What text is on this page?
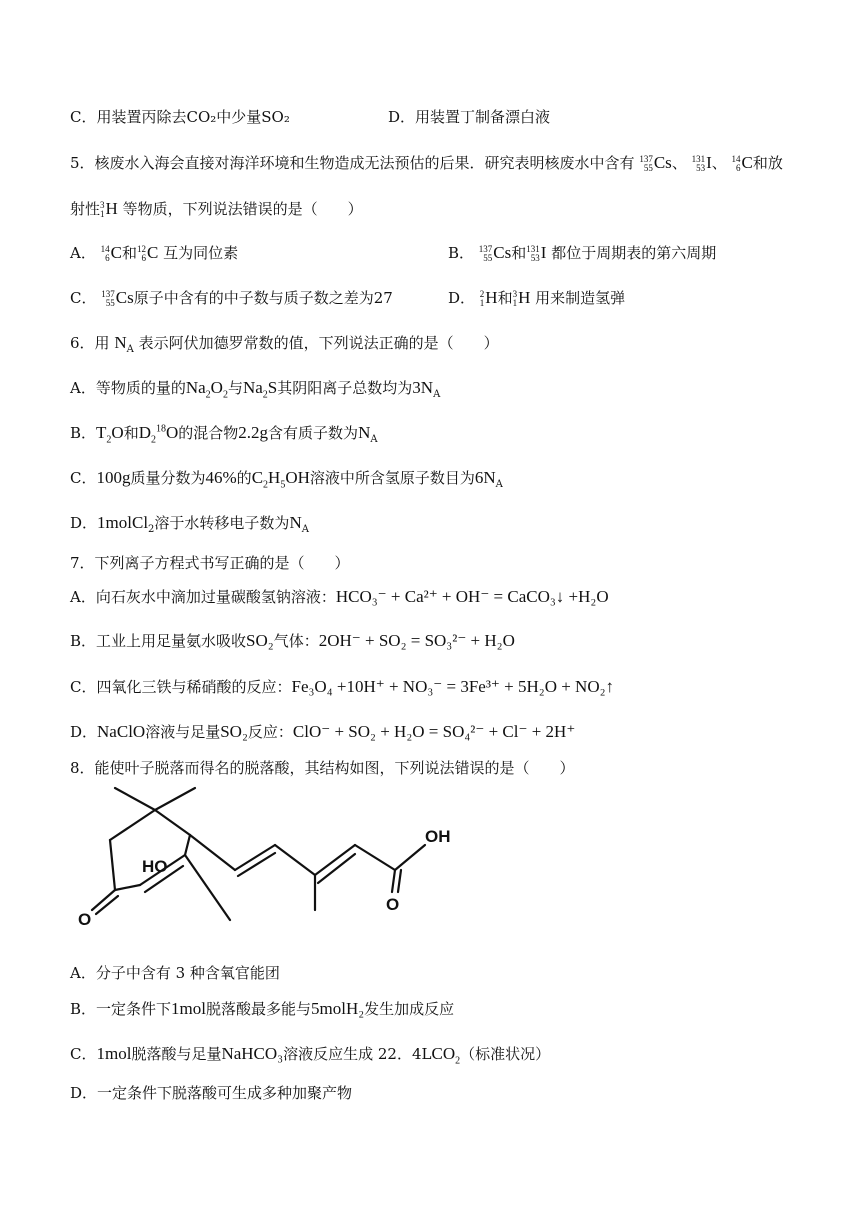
C．用装置丙除去CO₂中少量SO₂	D．用装置丁制备漂白液
5．核废水入海会直接对海洋环境和生物造成无法预估的后果．研究表明核废水中含有 137
55 Cs、 131
53 I、 14
6 C和放
射性 3
1 H 等物质，下列说法错误的是（　　）
A． 14
6 C和 12
6 C 互为同位素	B． 137
55 Cs和 131
53 I 都位于周期表的第六周期
C． 137
55 Cs原子中含有的中子数与质子数之差为27	D． 2
1 H和 3
1 H 用来制造氢弹
6．用 $N_A$ 表示阿伏加德罗常数的值，下列说法正确的是（　　）
A．等物质的量的$Na_2O_2$与$Na_2S$其阴阳离子总数均为$3N_A$
B．$T_2O$和$D_2^{18}O$的混合物2.2g含有质子数为$N_A$
C．100g质量分数为46%的$C_2H_5OH$溶液中所含氢原子数目为$6N_A$
D．1molCl$_2$溶于水转移电子数为$N_A$
7．下列离子方程式书写正确的是（　　）
A．向石灰水中滴加过量碳酸氢钠溶液：HCO₃⁻ + Ca²⁺ + OH⁻ = CaCO₃↓ +H₂O
B．工业上用足量氨水吸收SO₂气体：2OH⁻ + SO₂ = SO₃²⁻ + H₂O
C．四氧化三铁与稀硝酸的反应：Fe₃O₄ +10H⁺ + NO₃⁻ = 3Fe³⁺ + 5H₂O + NO₂↑
D．NaClO溶液与足量SO₂反应：ClO⁻ + SO₂ + H₂O = SO₄²⁻ + Cl⁻ + 2H⁺
8．能使叶子脱落而得名的脱落酸，其结构如图，下列说法错误的是（　　）
HO
OH
O
O
A．分子中含有 3 种含氧官能团
B．一定条件下1mol脱落酸最多能与5molH₂发生加成反应
C．1mol脱落酸与足量NaHCO₃溶液反应生成 22．$4LCO_2$（标准状况）
D．一定条件下脱落酸可生成多种加聚产物
